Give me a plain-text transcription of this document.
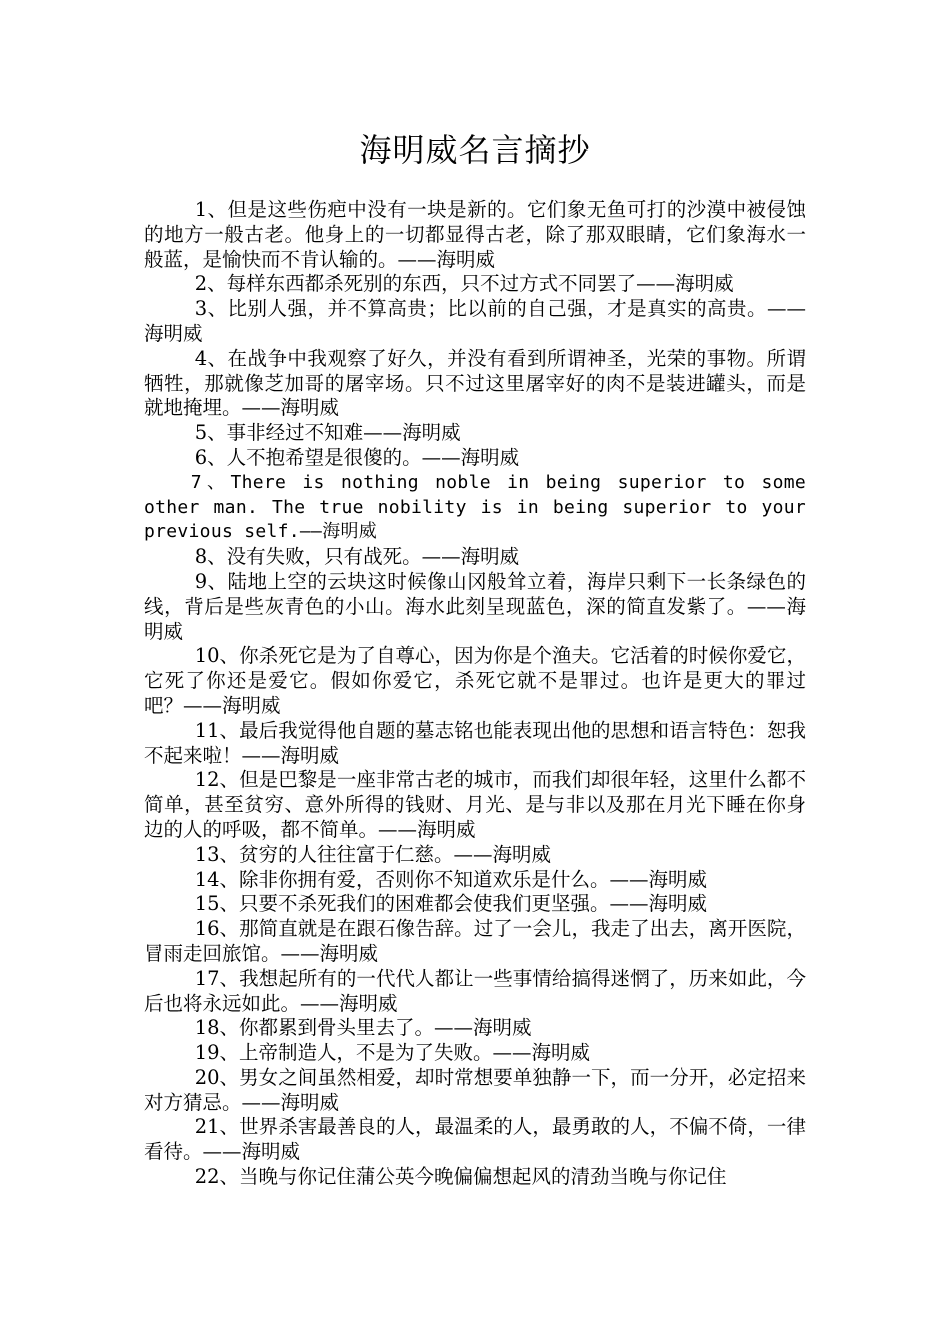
海明威名言摘抄

1、但是这些伤疤中没有一块是新的。它们象无鱼可打的沙漠中被侵蚀的地方一般古老。他身上的一切都显得古老，除了那双眼睛，它们象海水一般蓝，是愉快而不肯认输的。——海明威

2、每样东西都杀死别的东西，只不过方式不同罢了——海明威

3、比别人强，并不算高贵；比以前的自己强，才是真实的高贵。——海明威

4、在战争中我观察了好久，并没有看到所谓神圣，光荣的事物。所谓牺牲，那就像芝加哥的屠宰场。只不过这里屠宰好的肉不是装进罐头，而是就地掩埋。——海明威

5、事非经过不知难——海明威

6、人不抱希望是很傻的。——海明威

7、There is nothing noble in being superior to some other man. The true nobility is in being superior to your previous self.——海明威

8、没有失败，只有战死。——海明威

9、陆地上空的云块这时候像山冈般耸立着，海岸只剩下一长条绿色的线，背后是些灰青色的小山。海水此刻呈现蓝色，深的简直发紫了。——海明威

10、你杀死它是为了自尊心，因为你是个渔夫。它活着的时候你爱它，它死了你还是爱它。假如你爱它，杀死它就不是罪过。也许是更大的罪过吧？——海明威

11、最后我觉得他自题的墓志铭也能表现出他的思想和语言特色：恕我不起来啦！——海明威

12、但是巴黎是一座非常古老的城市，而我们却很年轻，这里什么都不简单，甚至贫穷、意外所得的钱财、月光、是与非以及那在月光下睡在你身边的人的呼吸，都不简单。——海明威

13、贫穷的人往往富于仁慈。——海明威

14、除非你拥有爱，否则你不知道欢乐是什么。——海明威

15、只要不杀死我们的困难都会使我们更坚强。——海明威

16、那简直就是在跟石像告辞。过了一会儿，我走了出去，离开医院，冒雨走回旅馆。——海明威

17、我想起所有的一代代人都让一些事情给搞得迷惘了，历来如此，今后也将永远如此。——海明威

18、你都累到骨头里去了。——海明威

19、上帝制造人，不是为了失败。——海明威

20、男女之间虽然相爱，却时常想要单独静一下，而一分开，必定招来对方猜忌。——海明威

21、世界杀害最善良的人，最温柔的人，最勇敢的人，不偏不倚，一律看待。——海明威

22、当晚与你记住蒲公英今晚偏偏想起风的清劲当晚与你记住
